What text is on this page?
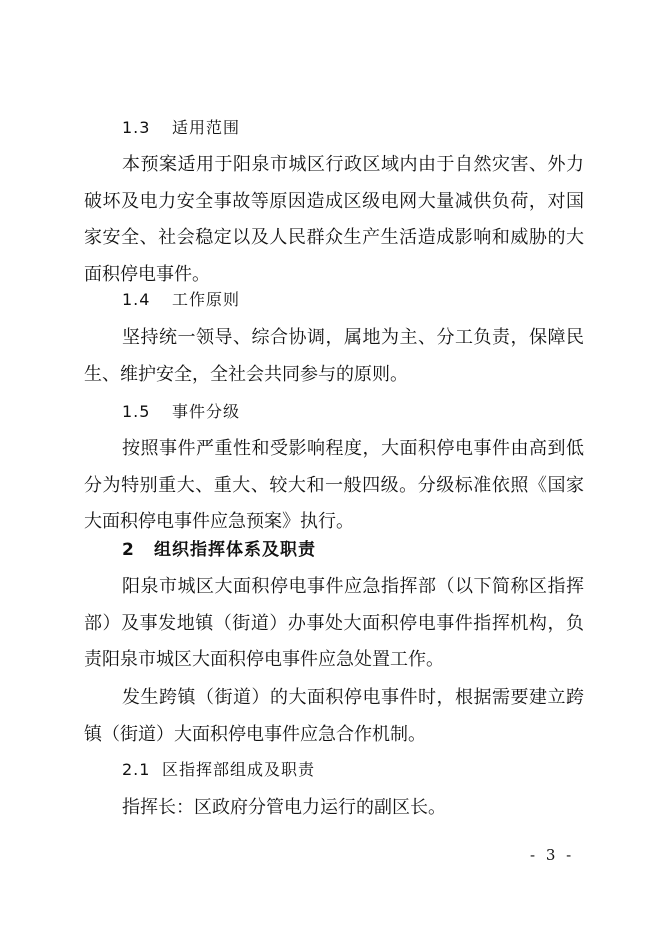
1.3 适用范围
本预案适用于阳泉市城区行政区域内由于自然灾害、外力破坏及电力安全事故等原因造成区级电网大量减供负荷，对国家安全、社会稳定以及人民群众生产生活造成影响和威胁的大面积停电事件。
1.4 工作原则
坚持统一领导、综合协调，属地为主、分工负责，保障民生、维护安全，全社会共同参与的原则。
1.5 事件分级
按照事件严重性和受影响程度，大面积停电事件由高到低分为特别重大、重大、较大和一般四级。分级标准依照《国家大面积停电事件应急预案》执行。
2 组织指挥体系及职责
阳泉市城区大面积停电事件应急指挥部（以下简称区指挥部）及事发地镇（街道）办事处大面积停电事件指挥机构，负责阳泉市城区大面积停电事件应急处置工作。
发生跨镇（街道）的大面积停电事件时，根据需要建立跨镇（街道）大面积停电事件应急合作机制。
2.1 区指挥部组成及职责
指挥长：区政府分管电力运行的副区长。
- 3 -
